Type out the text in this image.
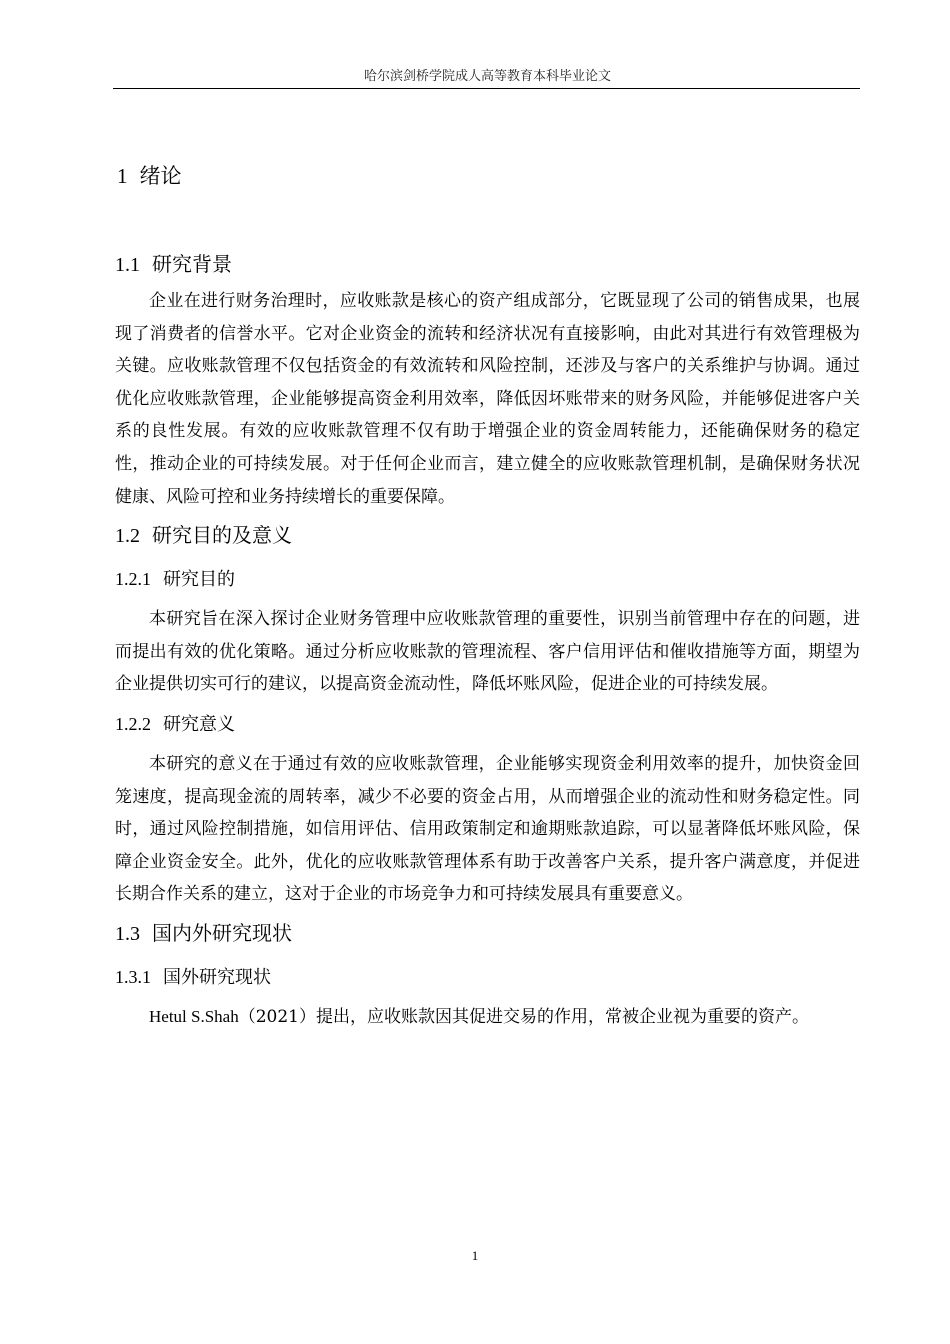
哈尔滨剑桥学院成人高等教育本科毕业论文
1 绪论
1.1 研究背景

企业在进行财务治理时，应收账款是核心的资产组成部分，它既显现了公司的销售成果，也展现了消费者的信誉水平。它对企业资金的流转和经济状况有直接影响，由此对其进行有效管理极为关键。应收账款管理不仅包括资金的有效流转和风险控制，还涉及与客户的关系维护与协调。通过优化应收账款管理，企业能够提高资金利用效率，降低因坏账带来的财务风险，并能够促进客户关系的良性发展。有效的应收账款管理不仅有助于增强企业的资金周转能力，还能确保财务的稳定性，推动企业的可持续发展。对于任何企业而言，建立健全的应收账款管理机制，是确保财务状况健康、风险可控和业务持续增长的重要保障。

1.2 研究目的及意义
1.2.1 研究目的

本研究旨在深入探讨企业财务管理中应收账款管理的重要性，识别当前管理中存在的问题，进而提出有效的优化策略。通过分析应收账款的管理流程、客户信用评估和催收措施等方面，期望为企业提供切实可行的建议，以提高资金流动性，降低坏账风险，促进企业的可持续发展。

1.2.2 研究意义

本研究的意义在于通过有效的应收账款管理，企业能够实现资金利用效率的提升，加快资金回笼速度，提高现金流的周转率，减少不必要的资金占用，从而增强企业的流动性和财务稳定性。同时，通过风险控制措施，如信用评估、信用政策制定和逾期账款追踪，可以显著降低坏账风险，保障企业资金安全。此外，优化的应收账款管理体系有助于改善客户关系，提升客户满意度，并促进长期合作关系的建立，这对于企业的市场竞争力和可持续发展具有重要意义。

1.3 国内外研究现状
1.3.1 国外研究现状

Hetul S.Shah（2021）提出，应收账款因其促进交易的作用，常被企业视为重要的资产。

1
